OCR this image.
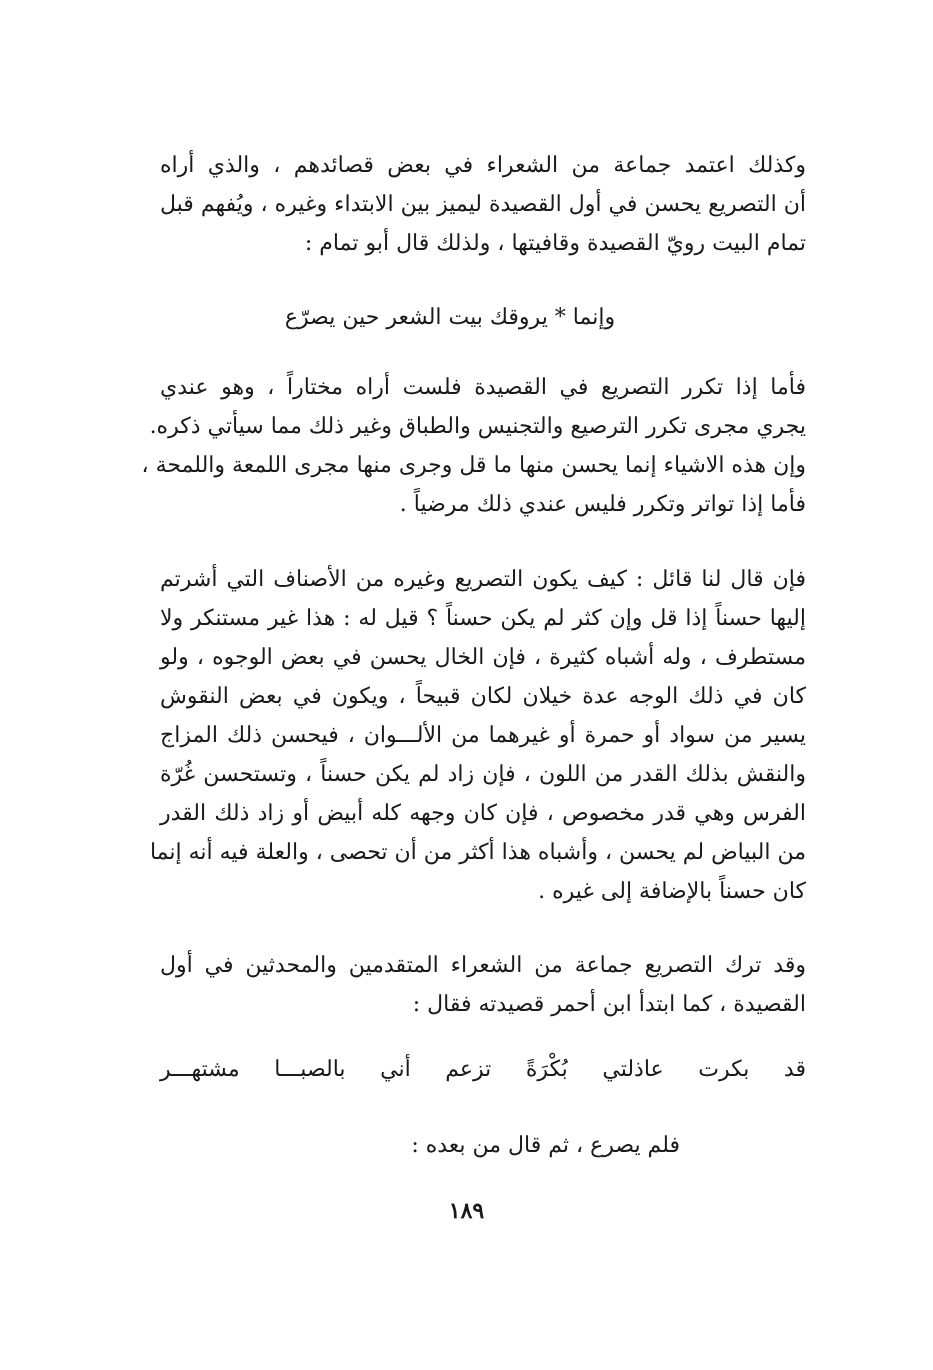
وكذلك اعتمد جماعة من الشعراء في بعض قصائدهم ، والذي أراه
أن التصريع يحسن في أول القصيدة ليميز بين الابتداء وغيره ، ويُفهم قبل
تمام البيت رويّ القصيدة وقافيتها ، ولذلك قال أبو تمام :
وإنما * يروقك بيت الشعر حين يصرّع
فأما إذا تكرر التصريع في القصيدة فلست أراه مختاراً ، وهو عندي
يجري مجرى تكرر الترصيع والتجنيس والطباق وغير ذلك مما سيأتي ذكره.
وإن هذه الاشياء إنما يحسن منها ما قل وجرى منها مجرى اللمعة واللمحة ،
فأما إذا تواتر وتكرر فليس عندي ذلك مرضياً .
فإن قال لنا قائل : كيف يكون التصريع وغيره من الأصناف التي أشرتم
إليها حسناً إذا قل وإن كثر لم يكن حسناً ؟ قيل له : هذا غير مستنكر ولا
مستطرف ، وله أشباه كثيرة ، فإن الخال يحسن في بعض الوجوه ، ولو
كان في ذلك الوجه عدة خيلان لكان قبيحاً ، ويكون في بعض النقوش
يسير من سواد أو حمرة أو غيرهما من الألـــوان ، فيحسن ذلك المزاج
والنقش بذلك القدر من اللون ، فإن زاد لم يكن حسناً ، وتستحسن غُرّة
الفرس وهي قدر مخصوص ، فإن كان وجهه كله أبيض أو زاد ذلك القدر
من البياض لم يحسن ، وأشباه هذا أكثر من أن تحصى ، والعلة فيه أنه إنما
كان حسناً بالإضافة إلى غيره .
وقد ترك التصريع جماعة من الشعراء المتقدمين والمحدثين في أول
القصيدة ، كما ابتدأ ابن أحمر قصيدته فقال :
قد
بكرت
عاذلتي
بُكْرَةً
تزعم
أني
بالصبـــا
مشتهـــر
فلم يصرع ، ثم قال من بعده :
١٨٩
